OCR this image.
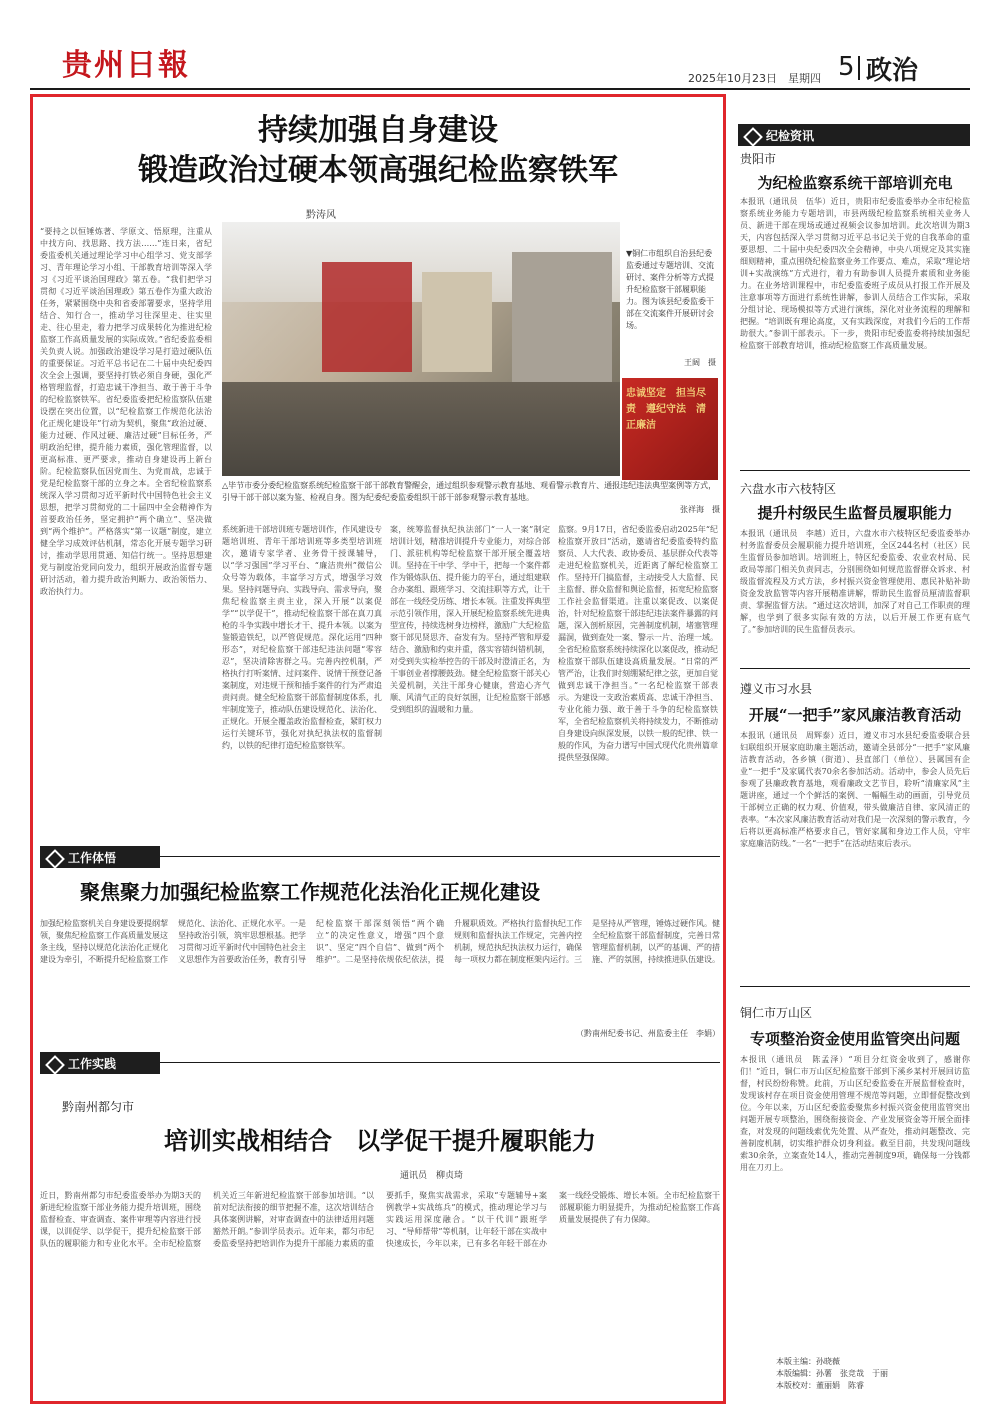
贵州日報	2025年10月23日　星期四 5 政治
持续加强自身建设
锻造政治过硬本领高强纪检监察铁军
黔涛风
▼铜仁市组织自治县纪委监委通过专题培训、交流研讨、案件分析等方式提升纪检监察干部履职能力。图为该县纪委监委干部在交流案件开展研讨会场。
王阔　摄
忠诚坚定　担当尽责　遵纪守法　清正廉洁
△毕节市委分委纪检监察系统纪检监察干部干部教育警醒会，通过组织参观警示教育基地、观看警示教育片、通报违纪违法典型案例等方式，引导干部干部以案为鉴、检视自身。图为纪委纪委监委组织干部干部参观警示教育基地。
张祥海　摄
“要持之以恒锤炼著、学原文、悟原理，注重从中找方向、找思路、找方法……”连日来，省纪委监委机关通过理论学习中心组学习、党支部学习、青年理论学习小组、干部教育培训等深入学习《习近平谈治国理政》第五卷。“我们把学习贯彻《习近平谈治国理政》第五卷作为重大政治任务，紧紧围绕中央和省委部署要求，坚持学用结合、知行合一，推动学习往深里走、往实里走、往心里走，着力把学习成果转化为推进纪检监察工作高质量发展的实际成效。”省纪委监委相关负责人说。加强政治建设学习是打造过硬队伍的重要保证。习近平总书记在二十届中央纪委四次全会上强调，要坚持打铁必须自身硬，强化严格管理监督，打造忠诚干净担当、敢于善于斗争的纪检监察铁军。省纪委监委把纪检监察队伍建设摆在突出位置，以“纪检监察工作规范化法治化正规化建设年”行动为契机，聚焦“政治过硬、能力过硬、作风过硬、廉洁过硬”目标任务，严明政治纪律，提升能力素质，强化管理监督，以更高标准、更严要求，推动自身建设再上新台阶。纪检监察队伍因党而生、为党而战，忠诚于党是纪检监察干部的立身之本。全省纪检监察系统深入学习贯彻习近平新时代中国特色社会主义思想，把学习贯彻党的二十届四中全会精神作为首要政治任务，坚定拥护“两个确立”、坚决做到“两个维护”。严格落实“第一议题”制度，建立健全学习成效评估机制，常态化开展专题学习研讨，推动学思用贯通、知信行统一。坚持思想建党与制度治党同向发力，组织开展政治监督专题研讨活动，着力提升政治判断力、政治领悟力、政治执行力。
系统新进干部培训班专题培训作，作风建设专题培训班、青年干部培训班等多类型培训班次，邀请专家学者、业务骨干授课辅导，以“学习强国”学习平台、“廉洁贵州”微信公众号等为载体，丰富学习方式，增强学习效果。坚持问题导向、实践导向、需求导向，聚焦纪检监察主责主业，深入开展“以案促学”“以学促干”，推动纪检监察干部在真刀真枪的斗争实践中增长才干、提升本领。以案为鉴锻造铁纪，以严管促规范。深化运用“四种形态”，对纪检监察干部违纪违法问题“零容忍”，坚决清除害群之马。完善内控机制，严格执行打听案情、过问案件、说情干预登记备案制度，对违规干预和插手案件的行为严肃追责问责。健全纪检监察干部监督制度体系，扎牢制度笼子，推动队伍建设规范化、法治化、正规化。开展全覆盖政治监督检查，紧盯权力运行关键环节，强化对执纪执法权的监督制约，以铁的纪律打造纪检监察铁军。
案，统筹监督执纪执法部门“一人一案”制定培训计划，精准培训提升专业能力，对综合部门、派驻机构等纪检监察干部开展全覆盖培训。坚持在干中学、学中干，把每一个案件都作为锻炼队伍、提升能力的平台，通过组建联合办案组、跟班学习、交流挂职等方式，让干部在一线经受历练、增长本领。注重发挥典型示范引领作用，深入开展纪检监察系统先进典型宣传，持续选树身边榜样，激励广大纪检监察干部见贤思齐、奋发有为。坚持严管和厚爱结合、激励和约束并重，落实容错纠错机制，对受到失实检举控告的干部及时澄清正名，为干事创业者撑腰鼓劲。健全纪检监察干部关心关爱机制，关注干部身心健康，营造心齐气顺、风清气正的良好氛围，让纪检监察干部感受到组织的温暖和力量。
监察。9月17日，省纪委监委启动2025年“纪检监察开放日”活动，邀请省纪委监委特约监察员、人大代表、政协委员、基层群众代表等走进纪检监察机关，近距离了解纪检监察工作。坚持开门搞监督，主动接受人大监督、民主监督、群众监督和舆论监督，拓宽纪检监察工作社会监督渠道。注重以案促改、以案促治，针对纪检监察干部违纪违法案件暴露的问题，深入剖析原因，完善制度机制，堵塞管理漏洞，做到查处一案、警示一片、治理一域。全省纪检监察系统持续深化以案促改，推动纪检监察干部队伍建设高质量发展。“日常的严管严治，让我们时刻绷紧纪律之弦，更加自觉做到忠诚干净担当。”一名纪检监察干部表示。为建设一支政治素质高、忠诚干净担当、专业化能力强、敢于善于斗争的纪检监察铁军，全省纪检监察机关将持续发力，不断推动自身建设向纵深发展，以铁一般的纪律、铁一般的作风，为奋力谱写中国式现代化贵州篇章提供坚强保障。
工作体悟
聚焦聚力加强纪检监察工作规范化法治化正规化建设
加强纪检监察机关自身建设要提纲挈领，聚焦纪检监察工作高质量发展这条主线，坚持以规范化法治化正规化建设为牵引，不断提升纪检监察工作规范化、法治化、正规化水平。一是坚持政治引领，筑牢思想根基。把学习贯彻习近平新时代中国特色社会主义思想作为首要政治任务，教育引导纪检监察干部深刻领悟“两个确立”的决定性意义，增强“四个意识”、坚定“四个自信”、做到“两个维护”。二是坚持依规依纪依法，提升履职质效。严格执行监督执纪工作规则和监督执法工作规定，完善内控机制，规范执纪执法权力运行，确保每一项权力都在制度框架内运行。三是坚持从严管理，锤炼过硬作风。健全纪检监察干部监督制度，完善日常管理监督机制，以严的基调、严的措施、严的氛围，持续推进队伍建设。
（黔南州纪委书记、州监委主任　李娟）
工作实践
黔南州都匀市
培训实战相结合　以学促干提升履职能力
通讯员　柳贞琦
近日，黔南州都匀市纪委监委举办为期3天的新进纪检监察干部业务能力提升培训班，围绕监督检查、审查调查、案件审理等内容进行授课，以训促学、以学促干，提升纪检监察干部队伍的履职能力和专业化水平。全市纪检监察机关近三年新进纪检监察干部参加培训。“以前对纪法衔接的细节把握不准，这次培训结合具体案例讲解，对审查调查中的法律适用问题豁然开朗。”参训学员表示。近年来，都匀市纪委监委坚持把培训作为提升干部能力素质的重要抓手，聚焦实战需求，采取“专题辅导+案例教学+实战练兵”的模式，推动理论学习与实践运用深度融合。“以干代训”跟班学习、“导师帮带”等机制，让年轻干部在实战中快速成长，今年以来，已有多名年轻干部在办案一线经受锻炼、增长本领。全市纪检监察干部履职能力明显提升，为推动纪检监察工作高质量发展提供了有力保障。
纪检资讯
贵阳市
为纪检监察系统干部培训充电
本报讯（通讯员　伍华）近日，贵阳市纪委监委举办全市纪检监察系统业务能力专题培训，市县两级纪检监察系统相关业务人员、新进干部在现场或通过视频会议参加培训。此次培训为期3天，内容包括深入学习贯彻习近平总书记关于党的自我革命的重要思想、二十届中央纪委四次全会精神，中央八项规定及其实施细则精神，重点围绕纪检监察业务工作要点、难点，采取“理论培训+实战演练”方式进行，着力有助参训人员提升素质和业务能力。在业务培训课程中，市纪委监委班子成员从打报工作开展及注意事项等方面进行系统性讲解，参训人员结合工作实际，采取分组讨论、现场模拟等方式进行演练，深化对业务流程的理解和把握。“培训既有理论高度，又有实践深度，对我们今后的工作帮助很大。”参训干部表示。下一步，贵阳市纪委监委将持续加强纪检监察干部教育培训，推动纪检监察工作高质量发展。
六盘水市六枝特区
提升村级民生监督员履职能力
本报讯（通讯员　李越）近日，六盘水市六枝特区纪委监委举办村务监督委员会履职能力提升培训班，全区244名村（社区）民生监督员参加培训。培训班上，特区纪委监委、农业农村局、民政局等部门相关负责同志，分别围绕如何规范监督群众诉求、村级监督流程及方式方法，乡村振兴资金管理使用、惠民补贴补助资金发放监管等内容开展精准讲解，帮助民生监督员厘清监督职责、掌握监督方法。“通过这次培训，加深了对自己工作职责的理解，也学到了很多实际有效的方法，以后开展工作更有底气了。”参加培训的民生监督员表示。
遵义市习水县
开展“一把手”家风廉洁教育活动
本报讯（通讯员　周辉泰）近日，遵义市习水县纪委监委联合县妇联组织开展家庭助廉主题活动，邀请全县部分“一把手”家风廉洁教育活动，各乡镇（街道）、县直部门（单位）、县属国有企业“一把手”及家属代表70余名参加活动。活动中，参会人员先后参观了县廉政教育基地，观看廉政文艺节目，聆听“清廉家风”主题讲座，通过一个个鲜活的案例、一幅幅生动的画面，引导党员干部树立正确的权力观、价值观，带头做廉洁自律、家风清正的表率。“本次家风廉洁教育活动对我们是一次深刻的警示教育，今后将以更高标准严格要求自己，管好家属和身边工作人员，守牢家庭廉洁防线。”一名“一把手”在活动结束后表示。
铜仁市万山区
专项整治资金使用监管突出问题
本报讯（通讯员　陈孟泽）“项目分红资金收到了，感谢你们！”近日，铜仁市万山区纪检监察干部到下溪乡某村开展回访监督，村民纷纷称赞。此前，万山区纪委监委在开展监督检查时，发现该村存在项目资金使用管理不规范等问题，立即督促整改到位。今年以来，万山区纪委监委聚焦乡村振兴资金使用监管突出问题开展专项整治，围绕衔接资金、产业发展资金等开展全面排查，对发现的问题线索优先处置、从严查处，推动问题整改、完善制度机制，切实维护群众切身利益。截至目前，共发现问题线索30余条，立案查处14人，推动完善制度9项，确保每一分钱都用在刀刃上。
本版主编：孙晓薇
本版编辑：孙薯　张竞哉　于丽
本版校对：董丽娟　陈睿
